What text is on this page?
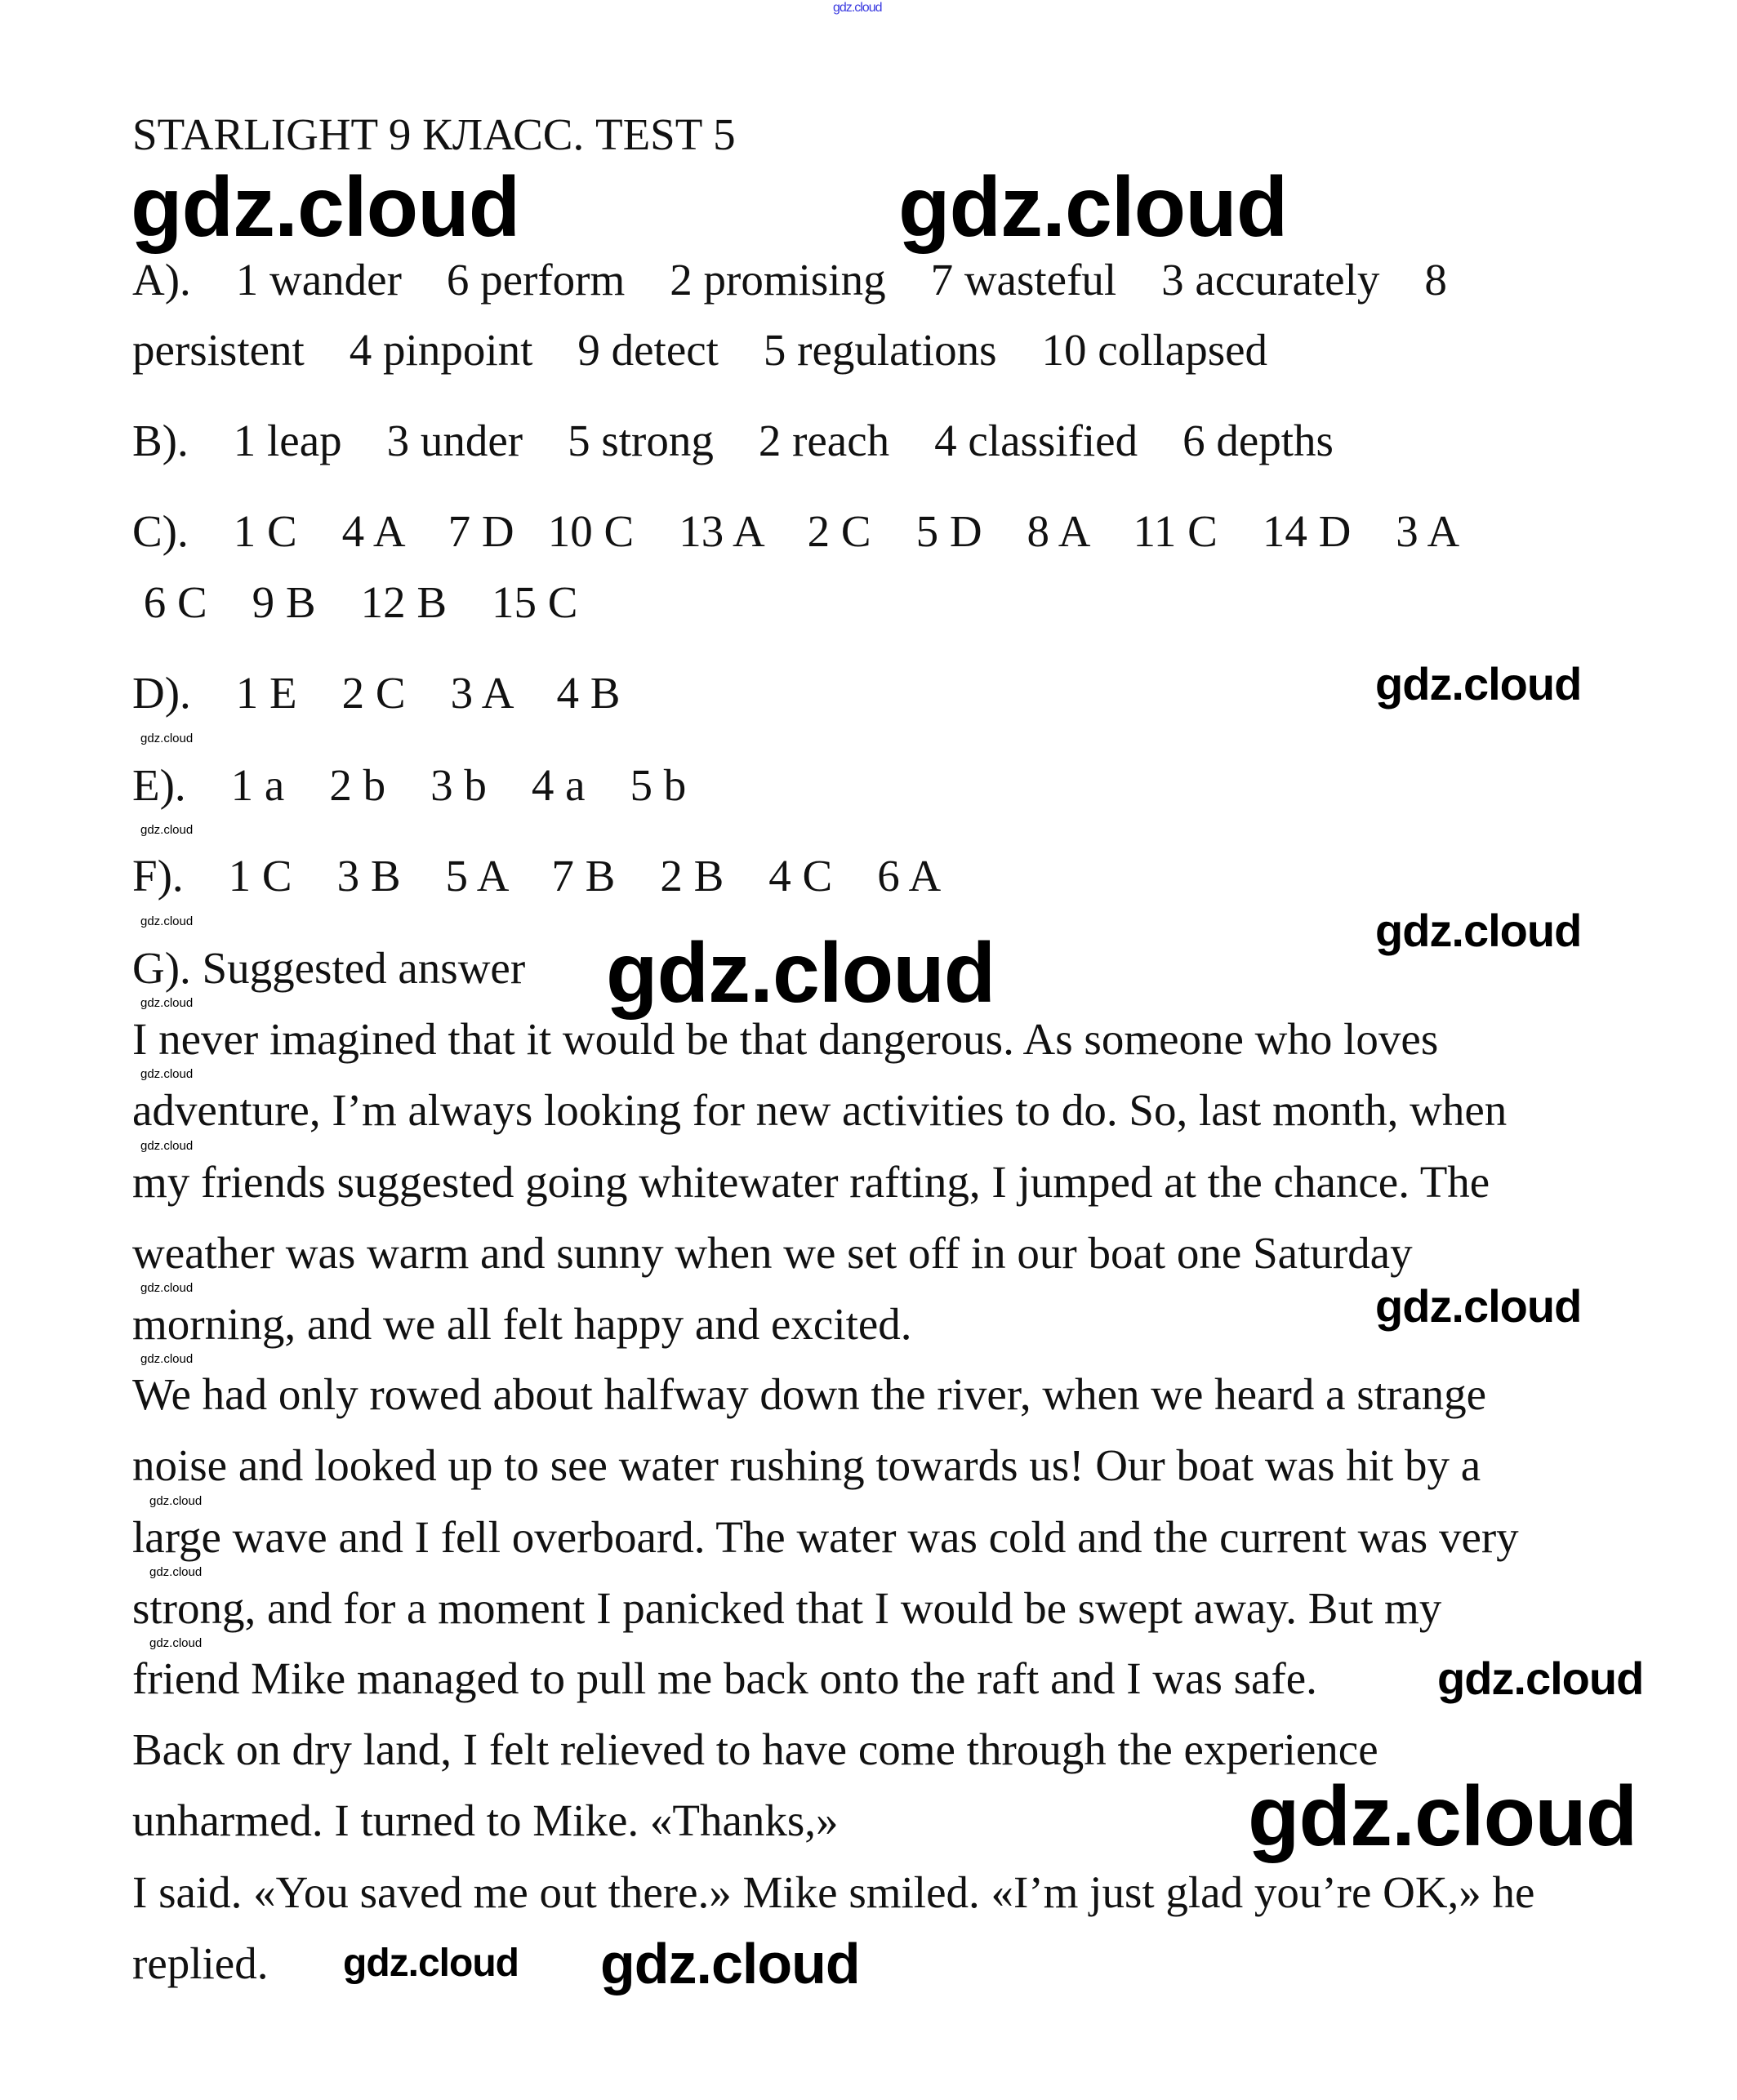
gdz.cloud
STARLIGHT 9 КЛАСС. TEST 5
A).    1 wander    6 perform    2 promising    7 wasteful    3 accurately    8
persistent    4 pinpoint    9 detect    5 regulations    10 collapsed
B).    1 leap    3 under    5 strong    2 reach    4 classified    6 depths
C).    1 C    4 A    7 D   10 C    13 A    2 C    5 D    8 A    11 C    14 D    3 A
6 C    9 B    12 B    15 C
D).    1 E    2 C    3 A    4 B
E).    1 a    2 b    3 b    4 a    5 b
F).    1 C    3 B    5 A    7 B    2 B    4 C    6 A
G). Suggested answer
I never imagined that it would be that dangerous. As someone who loves
adventure, I’m always looking for new activities to do. So, last month, when
my friends suggested going whitewater rafting, I jumped at the chance. The
weather was warm and sunny when we set off in our boat one Saturday
morning, and we all felt happy and excited.
We had only rowed about halfway down the river, when we heard a strange
noise and looked up to see water rushing towards us! Our boat was hit by a
large wave and I fell overboard. The water was cold and the current was very
strong, and for a moment I panicked that I would be swept away. But my
friend Mike managed to pull me back onto the raft and I was safe.
Back on dry land, I felt relieved to have come through the experience
unharmed. I turned to Mike. «Thanks,»
I said. «You saved me out there.» Mike smiled. «I’m just glad you’re OK,» he
replied.
gdz.cloud	gdz.cloud
gdz.cloud
gdz.cloud
gdz.cloud
gdz.cloud
gdz.cloud
gdz.cloud
gdz.cloud gdz.cloud
gdz.cloud
gdz.cloud
gdz.cloud
gdz.cloud
gdz.cloud
gdz.cloud
gdz.cloud
gdz.cloud
gdz.cloud
gdz.cloud
gdz.cloud
